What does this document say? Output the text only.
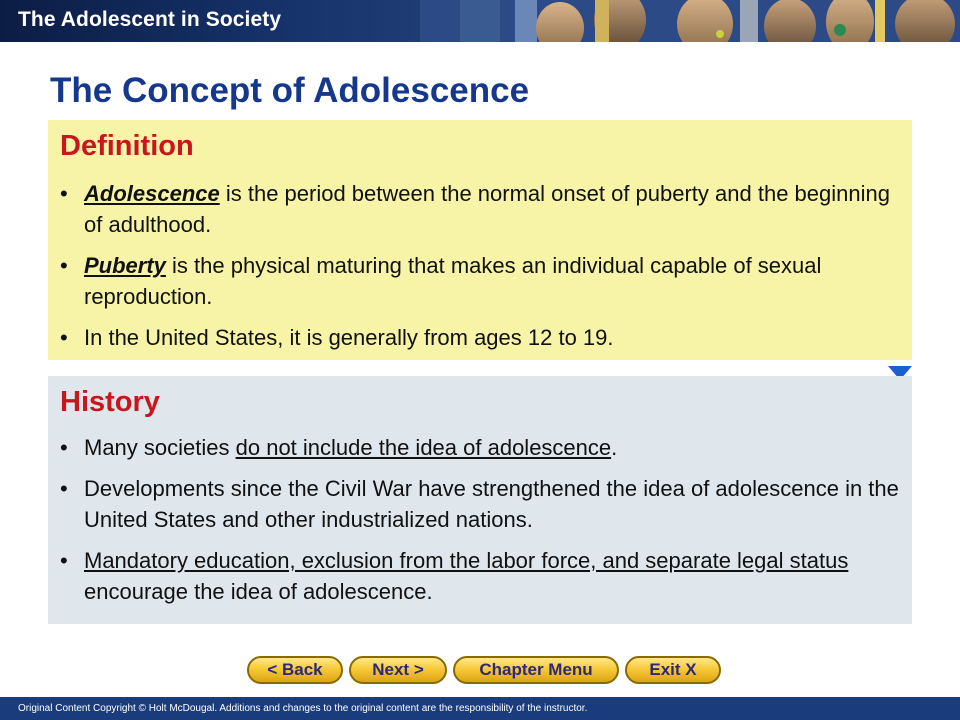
The Adolescent in Society
The Concept of Adolescence
Definition
• Adolescence is the period between the normal onset of puberty and the beginning of adulthood.
• Puberty is the physical maturing that makes an individual capable of sexual reproduction.
• In the United States, it is generally from ages 12 to 19.
History
• Many societies do not include the idea of adolescence.
• Developments since the Civil War have strengthened the idea of adolescence in the United States and other industrialized nations.
• Mandatory education, exclusion from the labor force, and separate legal status encourage the idea of adolescence.
< Back	Next >	Chapter Menu	Exit X
Original Content Copyright © Holt McDougal. Additions and changes to the original content are the responsibility of the instructor.
